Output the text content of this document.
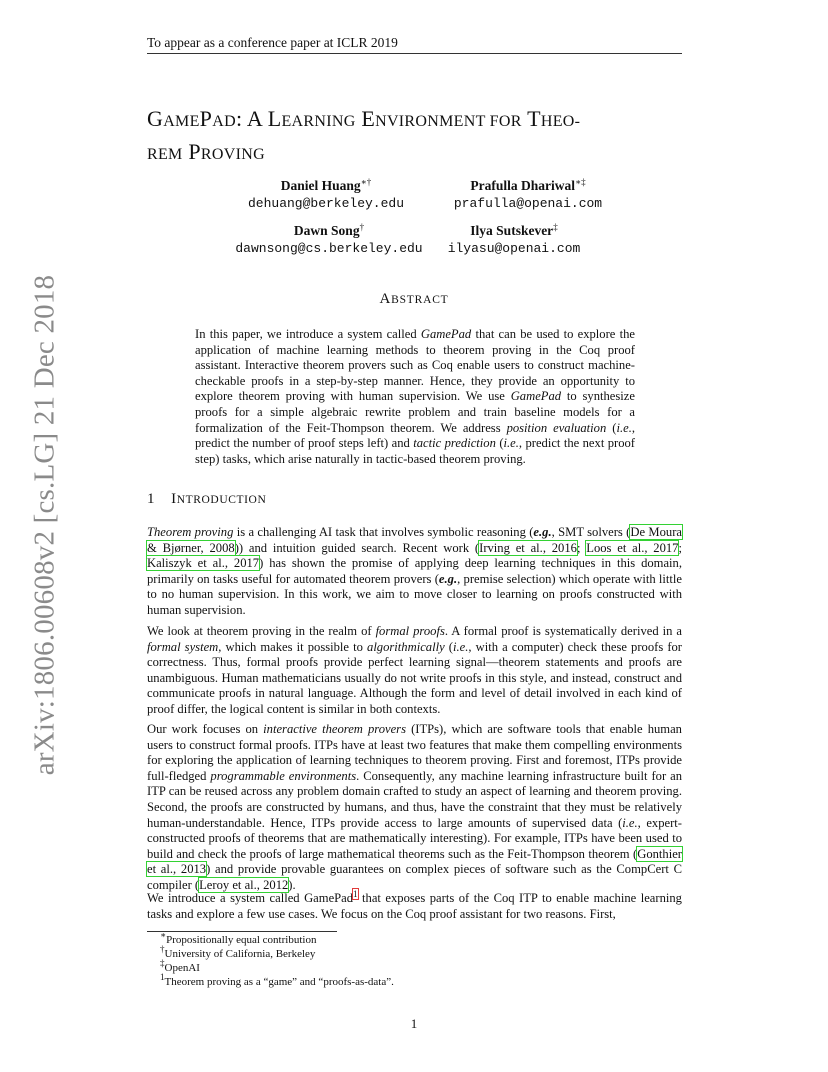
To appear as a conference paper at ICLR 2019
arXiv:1806.00608v2 [cs.LG] 21 Dec 2018
GAMEPAD: A LEARNING ENVIRONMENT FOR THEO-
REM PROVING
Daniel Huang∗†
dehuang@berkeley.edu
Prafulla Dhariwal∗‡
prafulla@openai.com
Dawn Song†
dawnsong@cs.berkeley.edu
Ilya Sutskever‡
ilyasu@openai.com
ABSTRACT
In this paper, we introduce a system called GamePad that can be used to explore the application of machine learning methods to theorem proving in the Coq proof assistant. Interactive theorem provers such as Coq enable users to construct machine-checkable proofs in a step-by-step manner. Hence, they provide an opportunity to explore theorem proving with human supervision. We use GamePad to synthesize proofs for a simple algebraic rewrite problem and train baseline models for a formalization of the Feit-Thompson theorem. We address position evaluation (i.e., predict the number of proof steps left) and tactic prediction (i.e., predict the next proof step) tasks, which arise naturally in tactic-based theorem proving.
1 INTRODUCTION
Theorem proving is a challenging AI task that involves symbolic reasoning (e.g., SMT solvers (De Moura & Bjørner, 2008)) and intuition guided search. Recent work (Irving et al., 2016; Loos et al., 2017; Kaliszyk et al., 2017) has shown the promise of applying deep learning techniques in this domain, primarily on tasks useful for automated theorem provers (e.g., premise selection) which operate with little to no human supervision. In this work, we aim to move closer to learning on proofs constructed with human supervision.
We look at theorem proving in the realm of formal proofs. A formal proof is systematically derived in a formal system, which makes it possible to algorithmically (i.e., with a computer) check these proofs for correctness. Thus, formal proofs provide perfect learning signal—theorem statements and proofs are unambiguous. Human mathematicians usually do not write proofs in this style, and instead, construct and communicate proofs in natural language. Although the form and level of detail involved in each kind of proof differ, the logical content is similar in both contexts.
Our work focuses on interactive theorem provers (ITPs), which are software tools that enable human users to construct formal proofs. ITPs have at least two features that make them compelling environments for exploring the application of learning techniques to theorem proving. First and foremost, ITPs provide full-fledged programmable environments. Consequently, any machine learning infrastructure built for an ITP can be reused across any problem domain crafted to study an aspect of learning and theorem proving. Second, the proofs are constructed by humans, and thus, have the constraint that they must be relatively human-understandable. Hence, ITPs provide access to large amounts of supervised data (i.e., expert-constructed proofs of theorems that are mathematically interesting). For example, ITPs have been used to build and check the proofs of large mathematical theorems such as the Feit-Thompson theorem (Gonthier et al., 2013) and provide provable guarantees on complex pieces of software such as the CompCert C compiler (Leroy et al., 2012).
We introduce a system called GamePad$^1$ that exposes parts of the Coq ITP to enable machine learning tasks and explore a few use cases. We focus on the Coq proof assistant for two reasons. First,
∗Propositionally equal contribution
†University of California, Berkeley
‡OpenAI
$^1$Theorem proving as a “game” and “proofs-as-data”.
1
